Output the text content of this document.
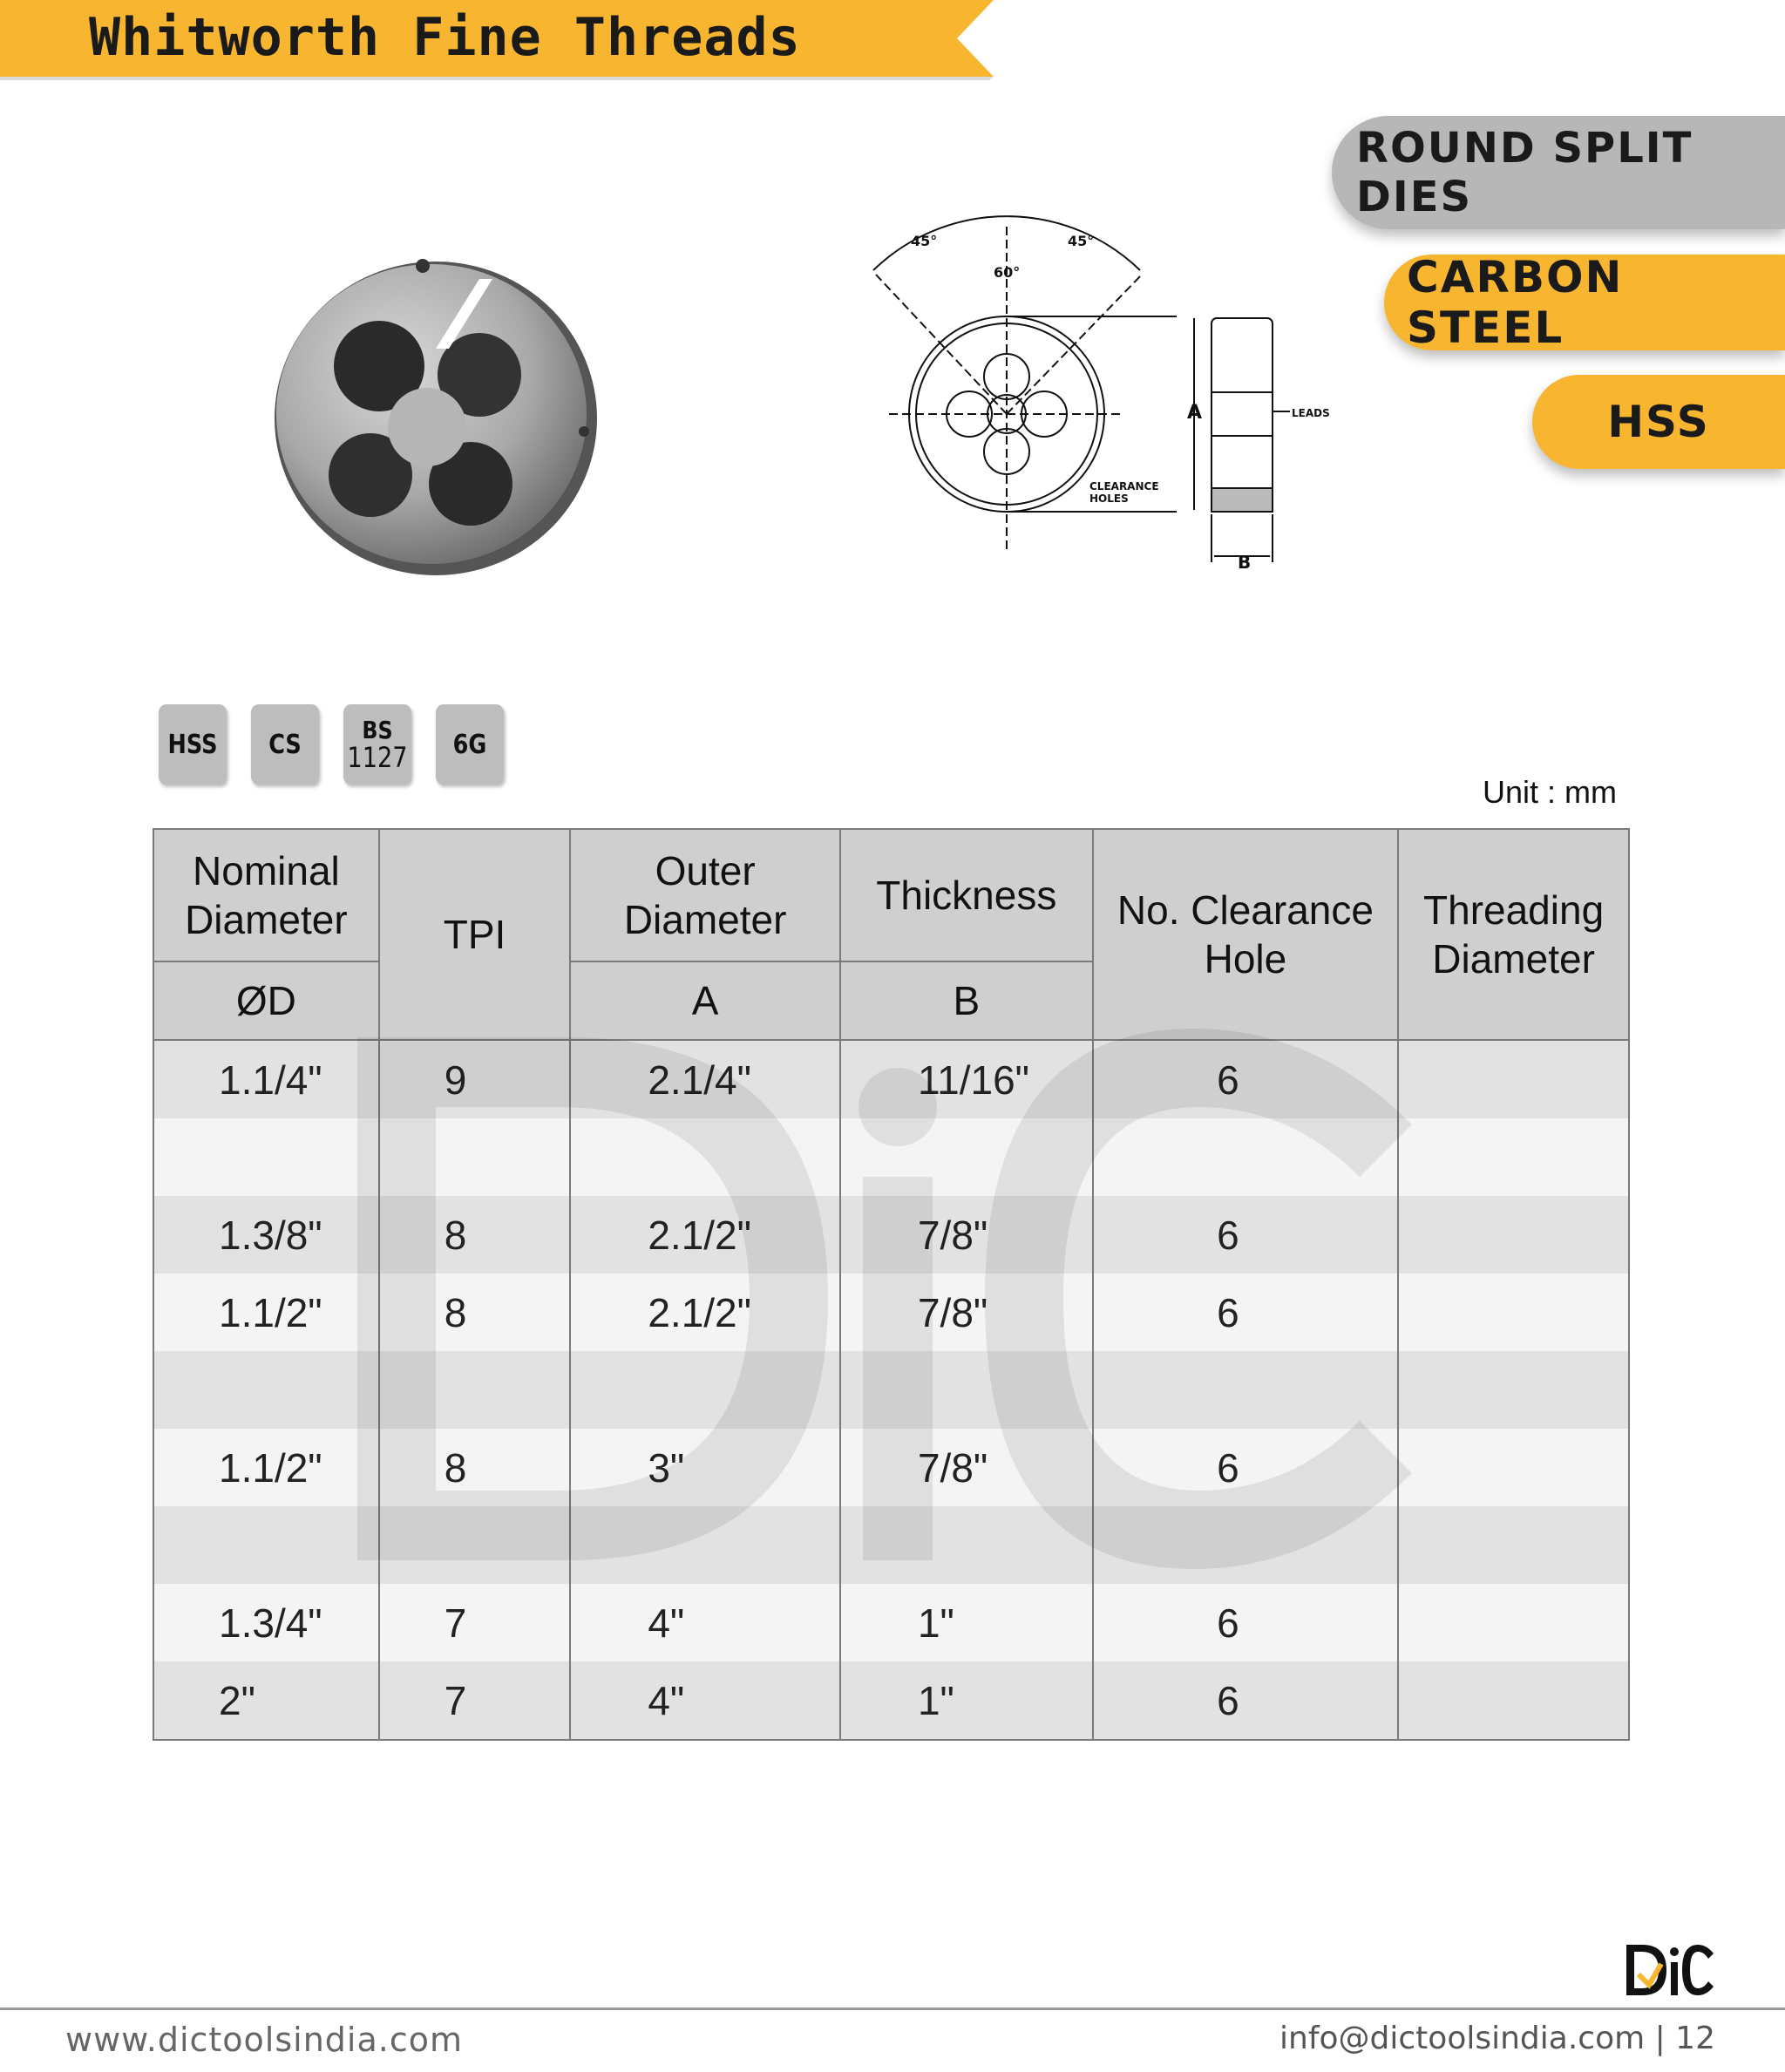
Whitworth Fine Threads
ROUND SPLIT DIES
CARBON STEEL
HSS
45°	45°
60°
A
B
LEADS
CLEARANCE
HOLES
HSS CS BS
1127 6G
Unit : mm
Nominal Diameter	TPI	Outer Diameter	Thickness	No. Clearance Hole	Threading Diameter
ØD		A	B		
1.1/4"	9	2.1/4"	11/16"	6	

1.3/8"	8	2.1/2"	7/8"	6	
1.1/2"	8	2.1/2"	7/8"	6	

1.1/2"	8	3"	7/8"	6	

1.3/4"	7	4"	1"	6	
2"	7	4"	1"	6	
www.dictoolsindia.com	info@dictoolsindia.com | 12
